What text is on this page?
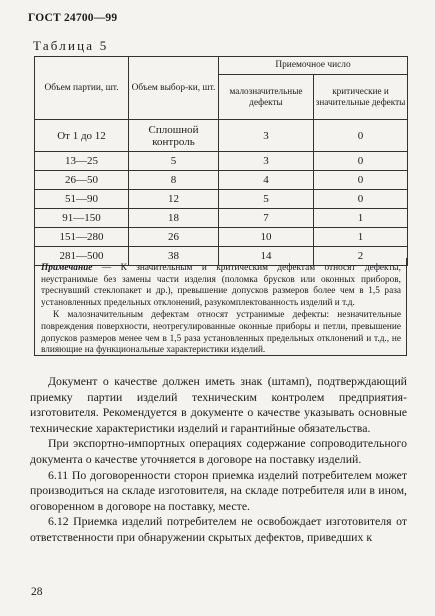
ГОСТ 24700—99
Таблица 5
Объем партии, шт.	Объем выбор-ки, шт.	Приемочное число	
		малозначительные дефекты	критические и значительные дефекты
От 1 до 12	Сплошной контроль	3	0
13—25	5	3	0
26—50	8	4	0
51—90	12	5	0
91—150	18	7	1
151—280	26	10	1
281—500	38	14	2

Примечание — К значительным и критическим дефектам относят дефекты, неустранимые без замены части изделия (поломка брусков или оконных приборов, треснувший стеклопакет и др.), превышение допусков размеров более чем в 1,5 раза установленных предельных отклонений, разукомплектованность изделий и т.д.

К малозначительным дефектам относят устранимые дефекты: незначительные повреждения поверхности, неотрегулированные оконные приборы и петли, превышение допусков размеров менее чем в 1,5 раза установленных предельных отклонений и т.д., не влияющие на функциональные характеристики изделий.

Документ о качестве должен иметь знак (штамп), подтверждающий приемку партии изделий техническим контролем предприятия-изготовителя. Рекомендуется в документе о качестве указывать основные технические характеристики изделий и гарантийные обязательства.

При экспортно-импортных операциях содержание сопроводительного документа о качестве уточняется в договоре на поставку изделий.

6.11 По договоренности сторон приемка изделий потребителем может производиться на складе изготовителя, на складе потребителя или в ином, оговоренном в договоре на поставку, месте.

6.12 Приемка изделий потребителем не освобождает изготовителя от ответственности при обнаружении скрытых дефектов, приведших к

28
